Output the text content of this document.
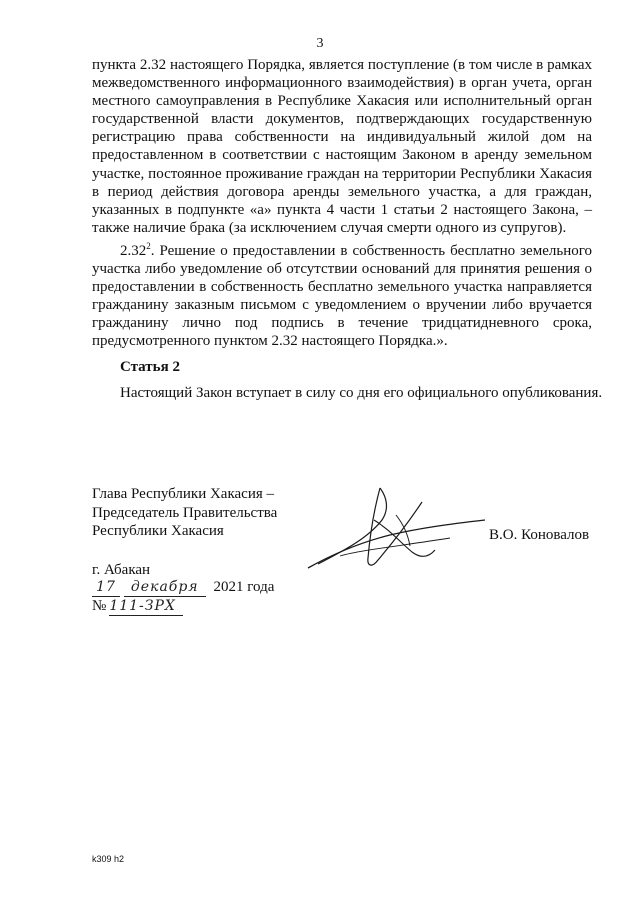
3

пункта 2.32 настоящего Порядка, является поступление (в том числе в рамках межведомственного информационного взаимодействия) в орган учета, орган местного самоуправления в Республике Хакасия или исполнительный орган государственной власти документов, подтверждающих государственную регистрацию права собственности на индивидуальный жилой дом на предоставленном в соответствии с настоящим Законом в аренду земельном участке, постоянное проживание граждан на территории Республики Хакасия в период действия договора аренды земельного участка, а для граждан, указанных в подпункте «а» пункта 4 части 1 статьи 2 настоящего Закона, – также наличие брака (за исключением случая смерти одного из супругов).

2.32$^2$. Решение о предоставлении в собственность бесплатно земельного участка либо уведомление об отсутствии оснований для принятия решения о предоставлении в собственность бесплатно земельного участка направляется гражданину заказным письмом с уведомлением о вручении либо вручается гражданину лично под подпись в течение тридцатидневного срока, предусмотренного пунктом 2.32 настоящего Порядка.».

Статья 2
Настоящий Закон вступает в силу со дня его официального опубликования.
Глава Республики Хакасия –
Председатель Правительства
Республики Хакасия	В.О. Коновалов
г. Абакан
17 декабря 2021 года
№ 111-ЗРХ
k309 h2
